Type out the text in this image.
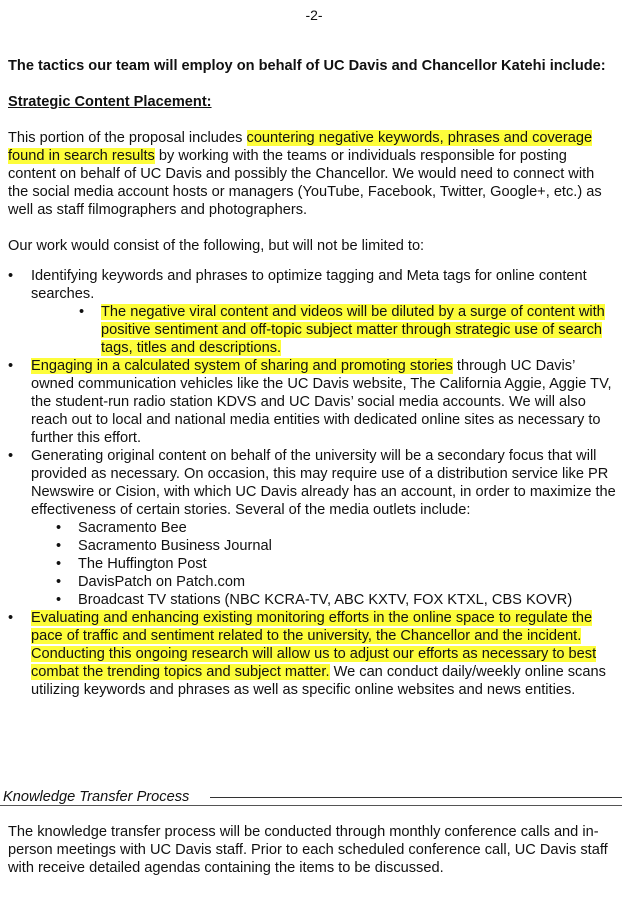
-2-

The tactics our team will employ on behalf of UC Davis and Chancellor Katehi include:

Strategic Content Placement:

This portion of the proposal includes countering negative keywords, phrases and coverage found in search results by working with the teams or individuals responsible for posting content on behalf of UC Davis and possibly the Chancellor. We would need to connect with the social media account hosts or managers (YouTube, Facebook, Twitter, Google+, etc.) as well as staff filmographers and photographers.

Our work would consist of the following, but will not be limited to:

• Identifying keywords and phrases to optimize tagging and Meta tags for online content searches.
• The negative viral content and videos will be diluted by a surge of content with positive sentiment and off-topic subject matter through strategic use of search tags, titles and descriptions.
• Engaging in a calculated system of sharing and promoting stories through UC Davis’ owned communication vehicles like the UC Davis website, The California Aggie, Aggie TV, the student-run radio station KDVS and UC Davis’ social media accounts. We will also reach out to local and national media entities with dedicated online sites as necessary to further this effort.
• Generating original content on behalf of the university will be a secondary focus that will provided as necessary. On occasion, this may require use of a distribution service like PR Newswire or Cision, with which UC Davis already has an account, in order to maximize the effectiveness of certain stories. Several of the media outlets include:
• Sacramento Bee
• Sacramento Business Journal
• The Huffington Post
• DavisPatch on Patch.com
• Broadcast TV stations (NBC KCRA-TV, ABC KXTV, FOX KTXL, CBS KOVR)
• Evaluating and enhancing existing monitoring efforts in the online space to regulate the pace of traffic and sentiment related to the university, the Chancellor and the incident. Conducting this ongoing research will allow us to adjust our efforts as necessary to best combat the trending topics and subject matter. We can conduct daily/weekly online scans utilizing keywords and phrases as well as specific online websites and news entities.
Knowledge Transfer Process
The knowledge transfer process will be conducted through monthly conference calls and in-person meetings with UC Davis staff. Prior to each scheduled conference call, UC Davis staff with receive detailed agendas containing the items to be discussed.
